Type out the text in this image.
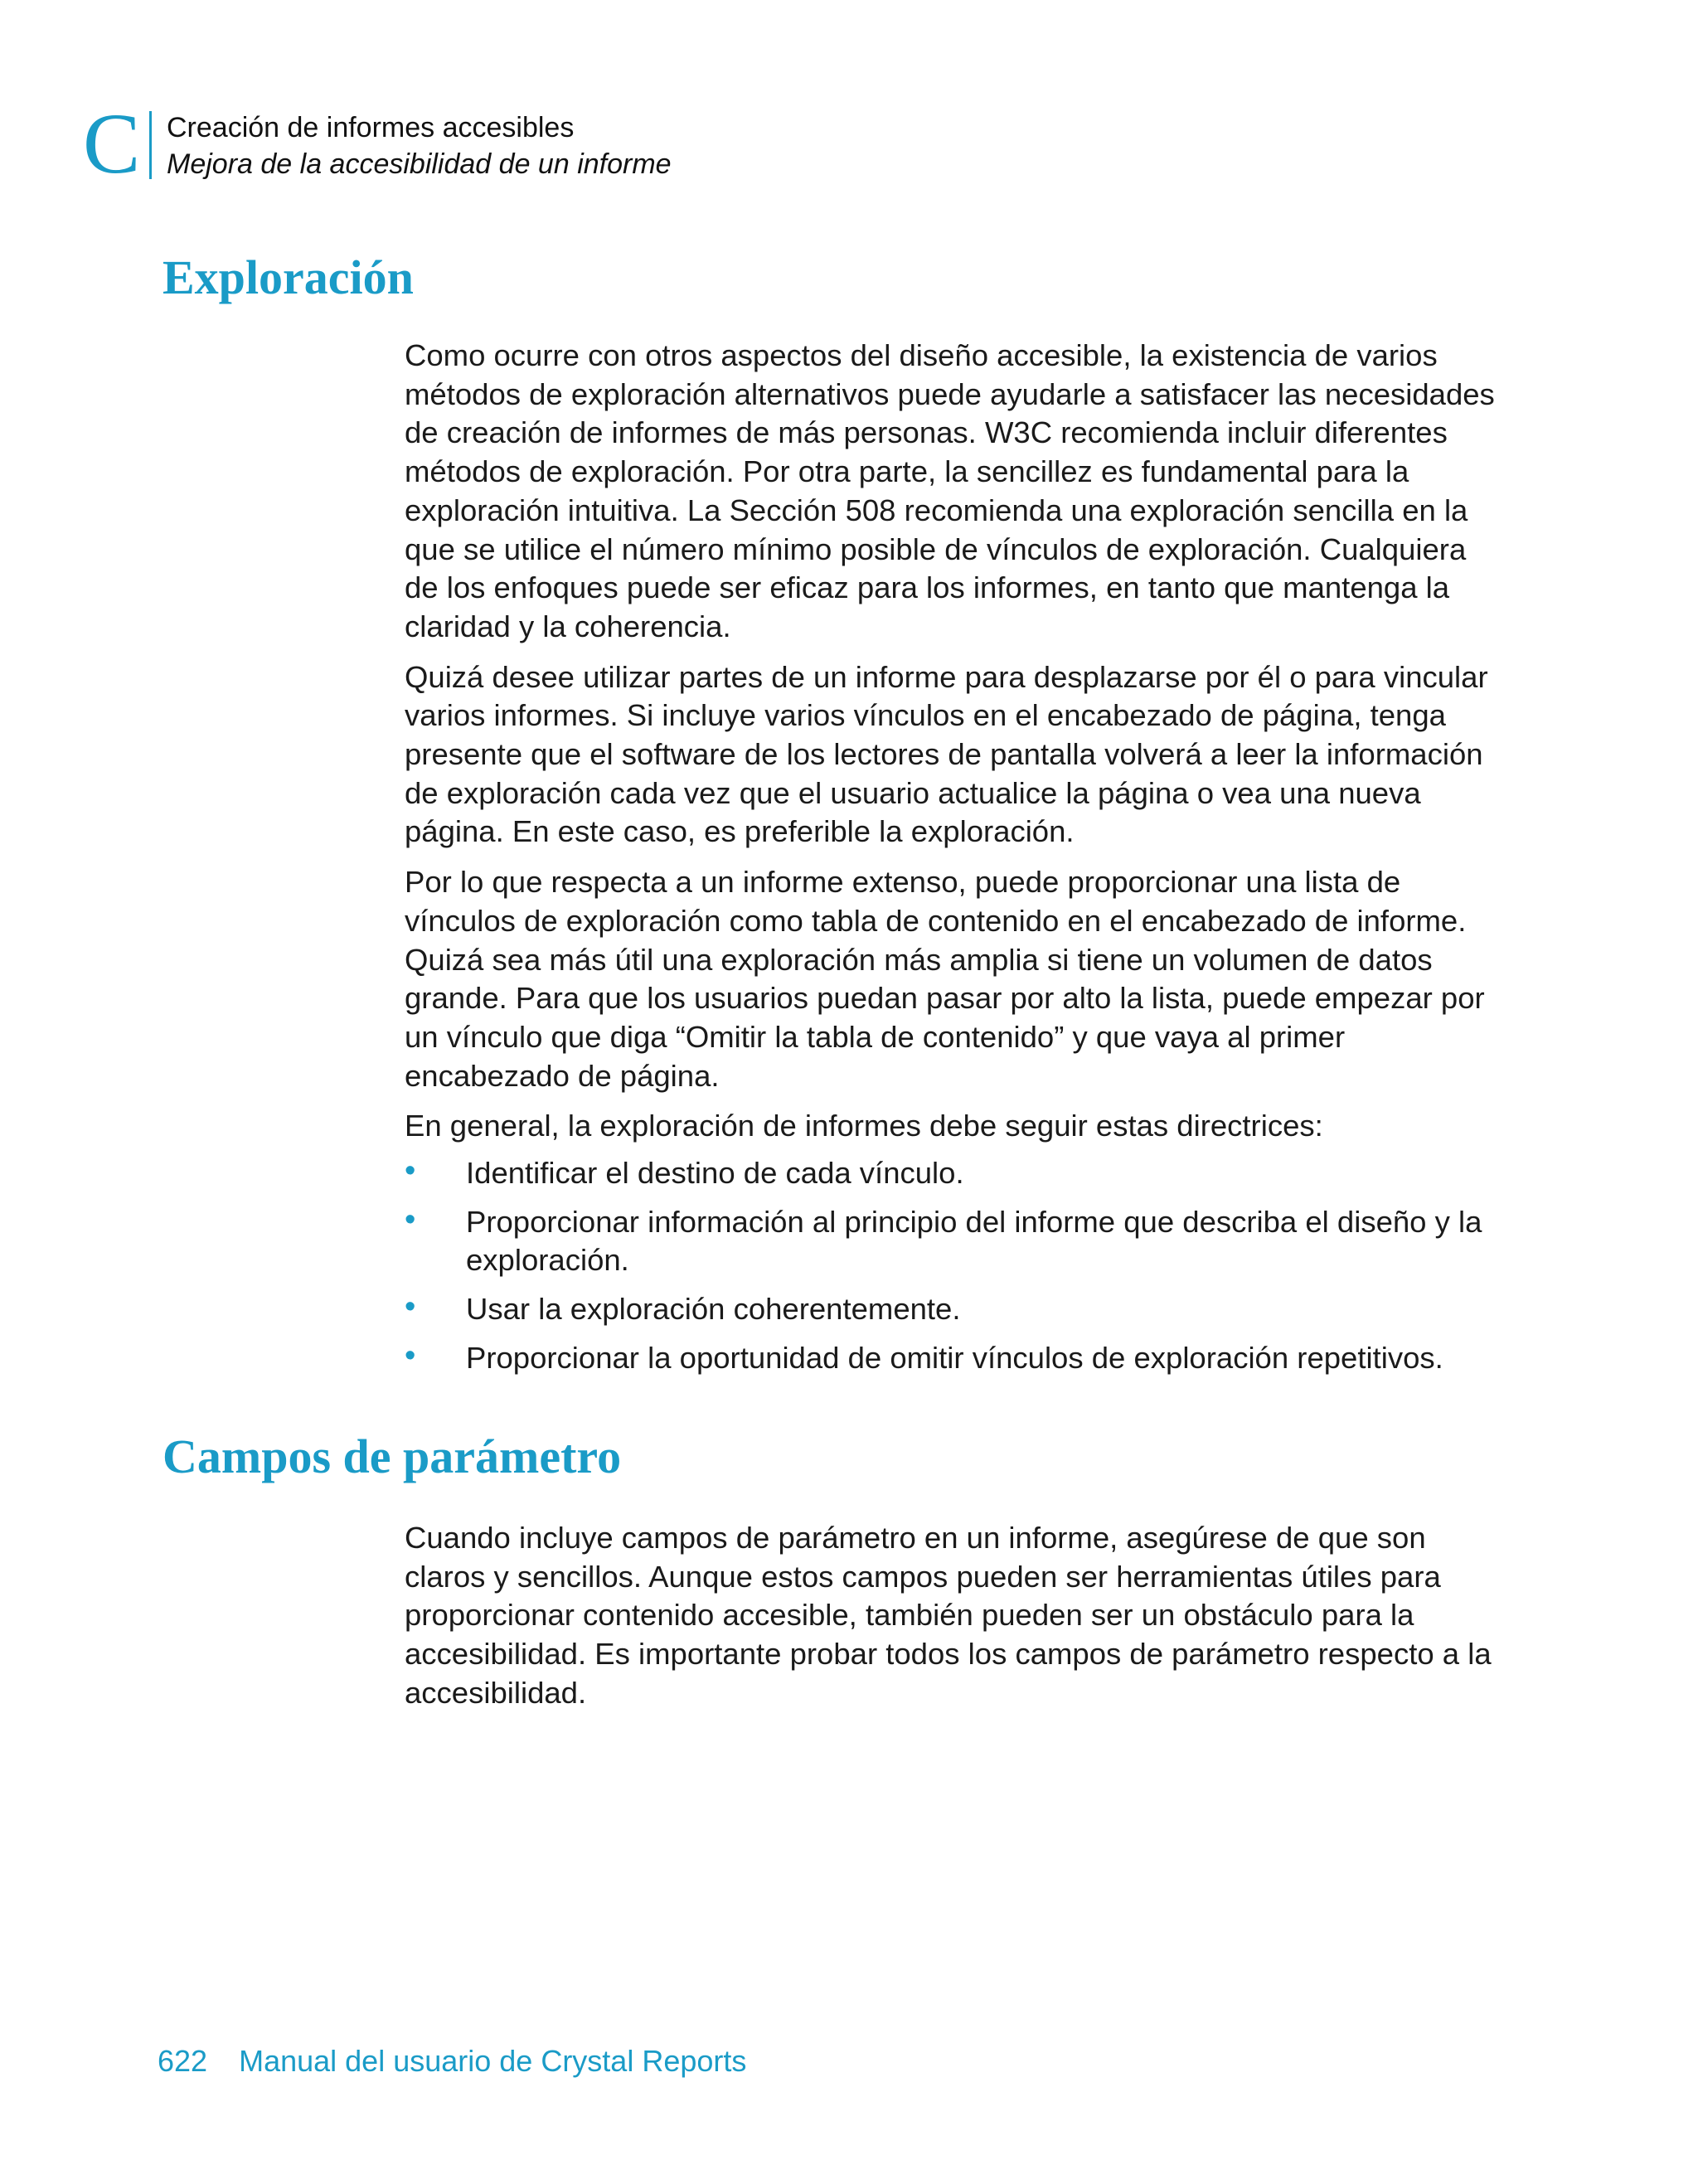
C Creación de informes accesibles
Mejora de la accesibilidad de un informe
Exploración

Como ocurre con otros aspectos del diseño accesible, la existencia de varios métodos de exploración alternativos puede ayudarle a satisfacer las necesidades de creación de informes de más personas. W3C recomienda incluir diferentes métodos de exploración. Por otra parte, la sencillez es fundamental para la exploración intuitiva. La Sección 508 recomienda una exploración sencilla en la que se utilice el número mínimo posible de vínculos de exploración. Cualquiera de los enfoques puede ser eficaz para los informes, en tanto que mantenga la claridad y la coherencia.

Quizá desee utilizar partes de un informe para desplazarse por él o para vincular varios informes. Si incluye varios vínculos en el encabezado de página, tenga presente que el software de los lectores de pantalla volverá a leer la información de exploración cada vez que el usuario actualice la página o vea una nueva página. En este caso, es preferible la exploración.

Por lo que respecta a un informe extenso, puede proporcionar una lista de vínculos de exploración como tabla de contenido en el encabezado de informe. Quizá sea más útil una exploración más amplia si tiene un volumen de datos grande. Para que los usuarios puedan pasar por alto la lista, puede empezar por un vínculo que diga “Omitir la tabla de contenido” y que vaya al primer encabezado de página.

En general, la exploración de informes debe seguir estas directrices:

• Identificar el destino de cada vínculo.
• Proporcionar información al principio del informe que describa el diseño y la exploración.
• Usar la exploración coherentemente.
• Proporcionar la oportunidad de omitir vínculos de exploración repetitivos.
Campos de parámetro

Cuando incluye campos de parámetro en un informe, asegúrese de que son claros y sencillos. Aunque estos campos pueden ser herramientas útiles para proporcionar contenido accesible, también pueden ser un obstáculo para la accesibilidad. Es importante probar todos los campos de parámetro respecto a la accesibilidad.

622 Manual del usuario de Crystal Reports
